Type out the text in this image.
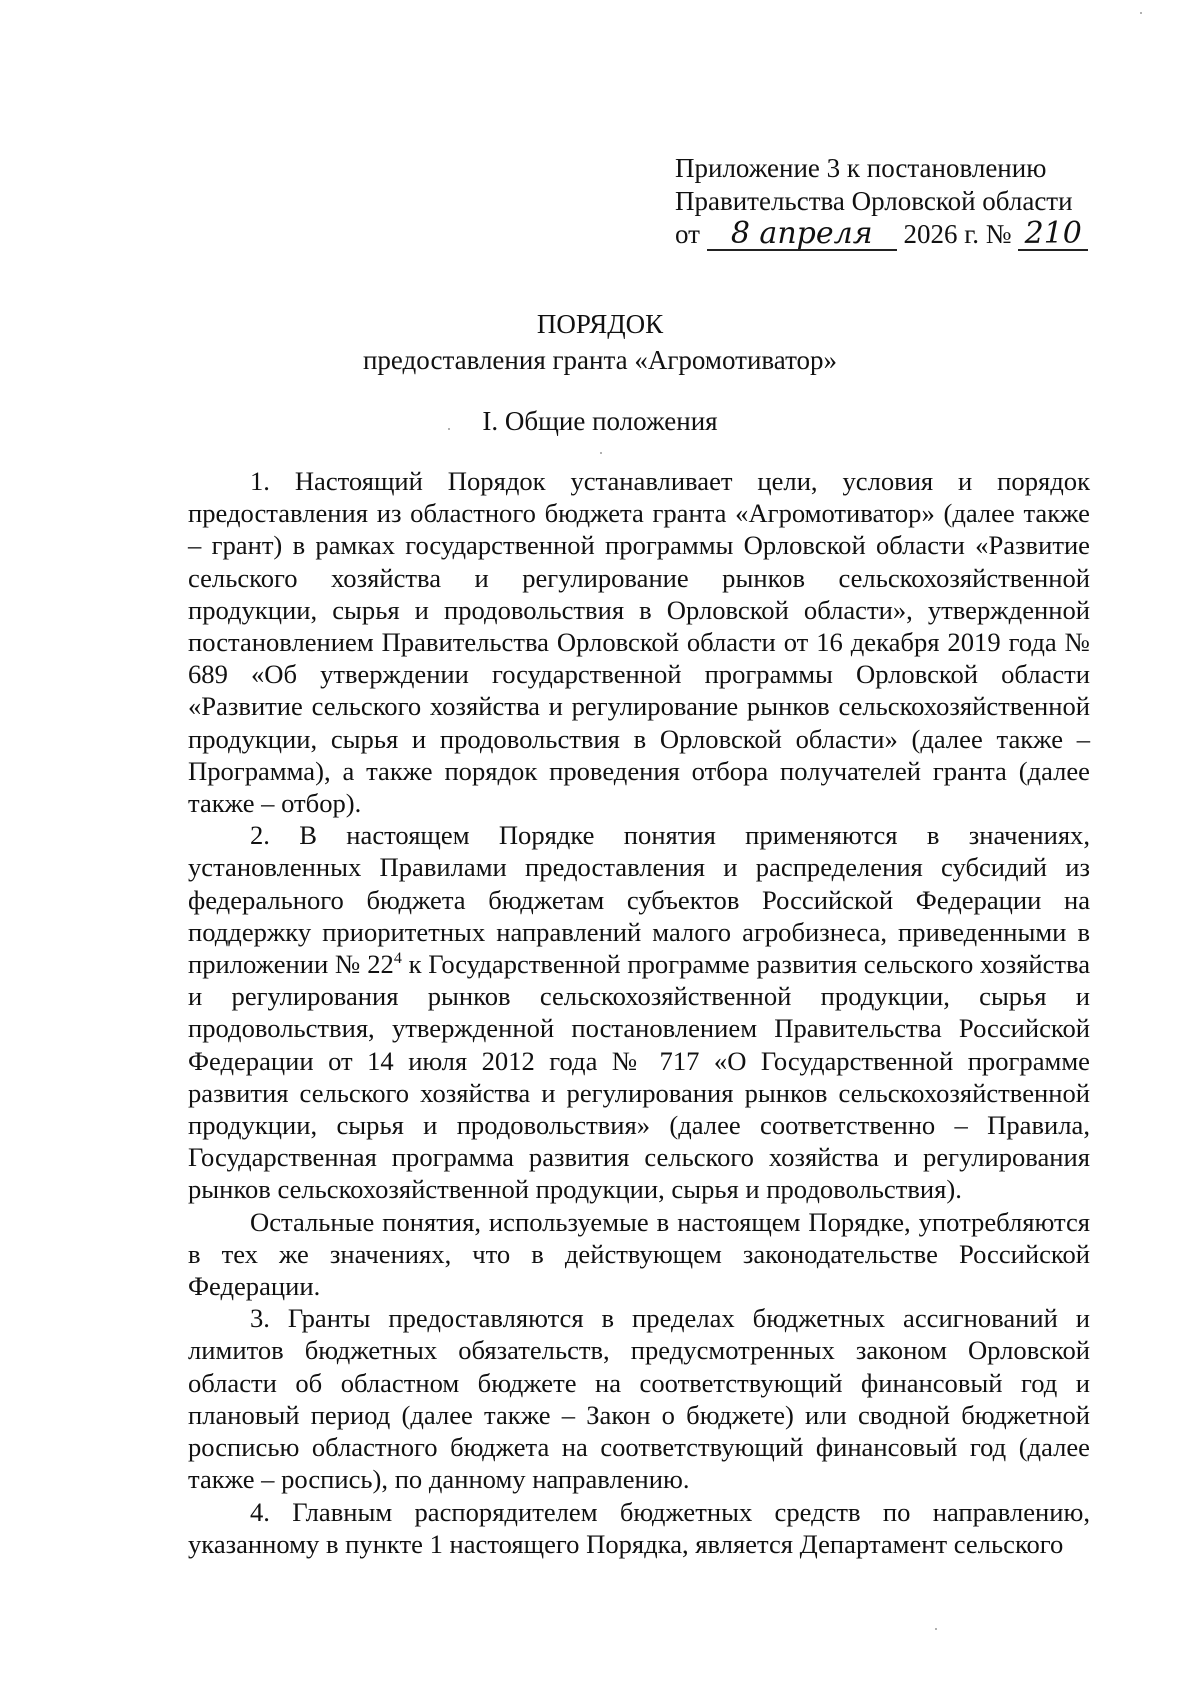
Приложение 3 к постановлению
Правительства Орловской области
от 8 апреля 2026 г. № 210
ПОРЯДОК
предоставления гранта «Агромотиватор»
I. Общие положения

1. Настоящий Порядок устанавливает цели, условия и порядок предоставления из областного бюджета гранта «Агромотиватор» (далее также – грант) в рамках государственной программы Орловской области «Развитие сельского хозяйства и регулирование рынков сельскохозяйственной продукции, сырья и продовольствия в Орловской области», утвержденной постановлением Правительства Орловской области от 16 декабря 2019 года № 689 «Об утверждении государственной программы Орловской области «Развитие сельского хозяйства и регулирование рынков сельскохозяйственной продукции, сырья и продовольствия в Орловской области» (далее также – Программа), а также порядок проведения отбора получателей гранта (далее также – отбор).

2. В настоящем Порядке понятия применяются в значениях, установленных Правилами предоставления и распределения субсидий из федерального бюджета бюджетам субъектов Российской Федерации на поддержку приоритетных направлений малого агробизнеса, приведенными в приложении № $22^4$ к Государственной программе развития сельского хозяйства и регулирования рынков сельскохозяйственной продукции, сырья и продовольствия, утвержденной постановлением Правительства Российской Федерации от 14 июля 2012 года № 717 «О Государственной программе развития сельского хозяйства и регулирования рынков сельскохозяйственной продукции, сырья и продовольствия» (далее соответственно – Правила, Государственная программа развития сельского хозяйства и регулирования рынков сельскохозяйственной продукции, сырья и продовольствия).

Остальные понятия, используемые в настоящем Порядке, употребляются в тех же значениях, что в действующем законодательстве Российской Федерации.

3. Гранты предоставляются в пределах бюджетных ассигнований и лимитов бюджетных обязательств, предусмотренных законом Орловской области об областном бюджете на соответствующий финансовый год и плановый период (далее также – Закон о бюджете) или сводной бюджетной росписью областного бюджета на соответствующий финансовый год (далее также – роспись), по данному направлению.

4. Главным распорядителем бюджетных средств по направлению, указанному в пункте 1 настоящего Порядка, является Департамент сельского
